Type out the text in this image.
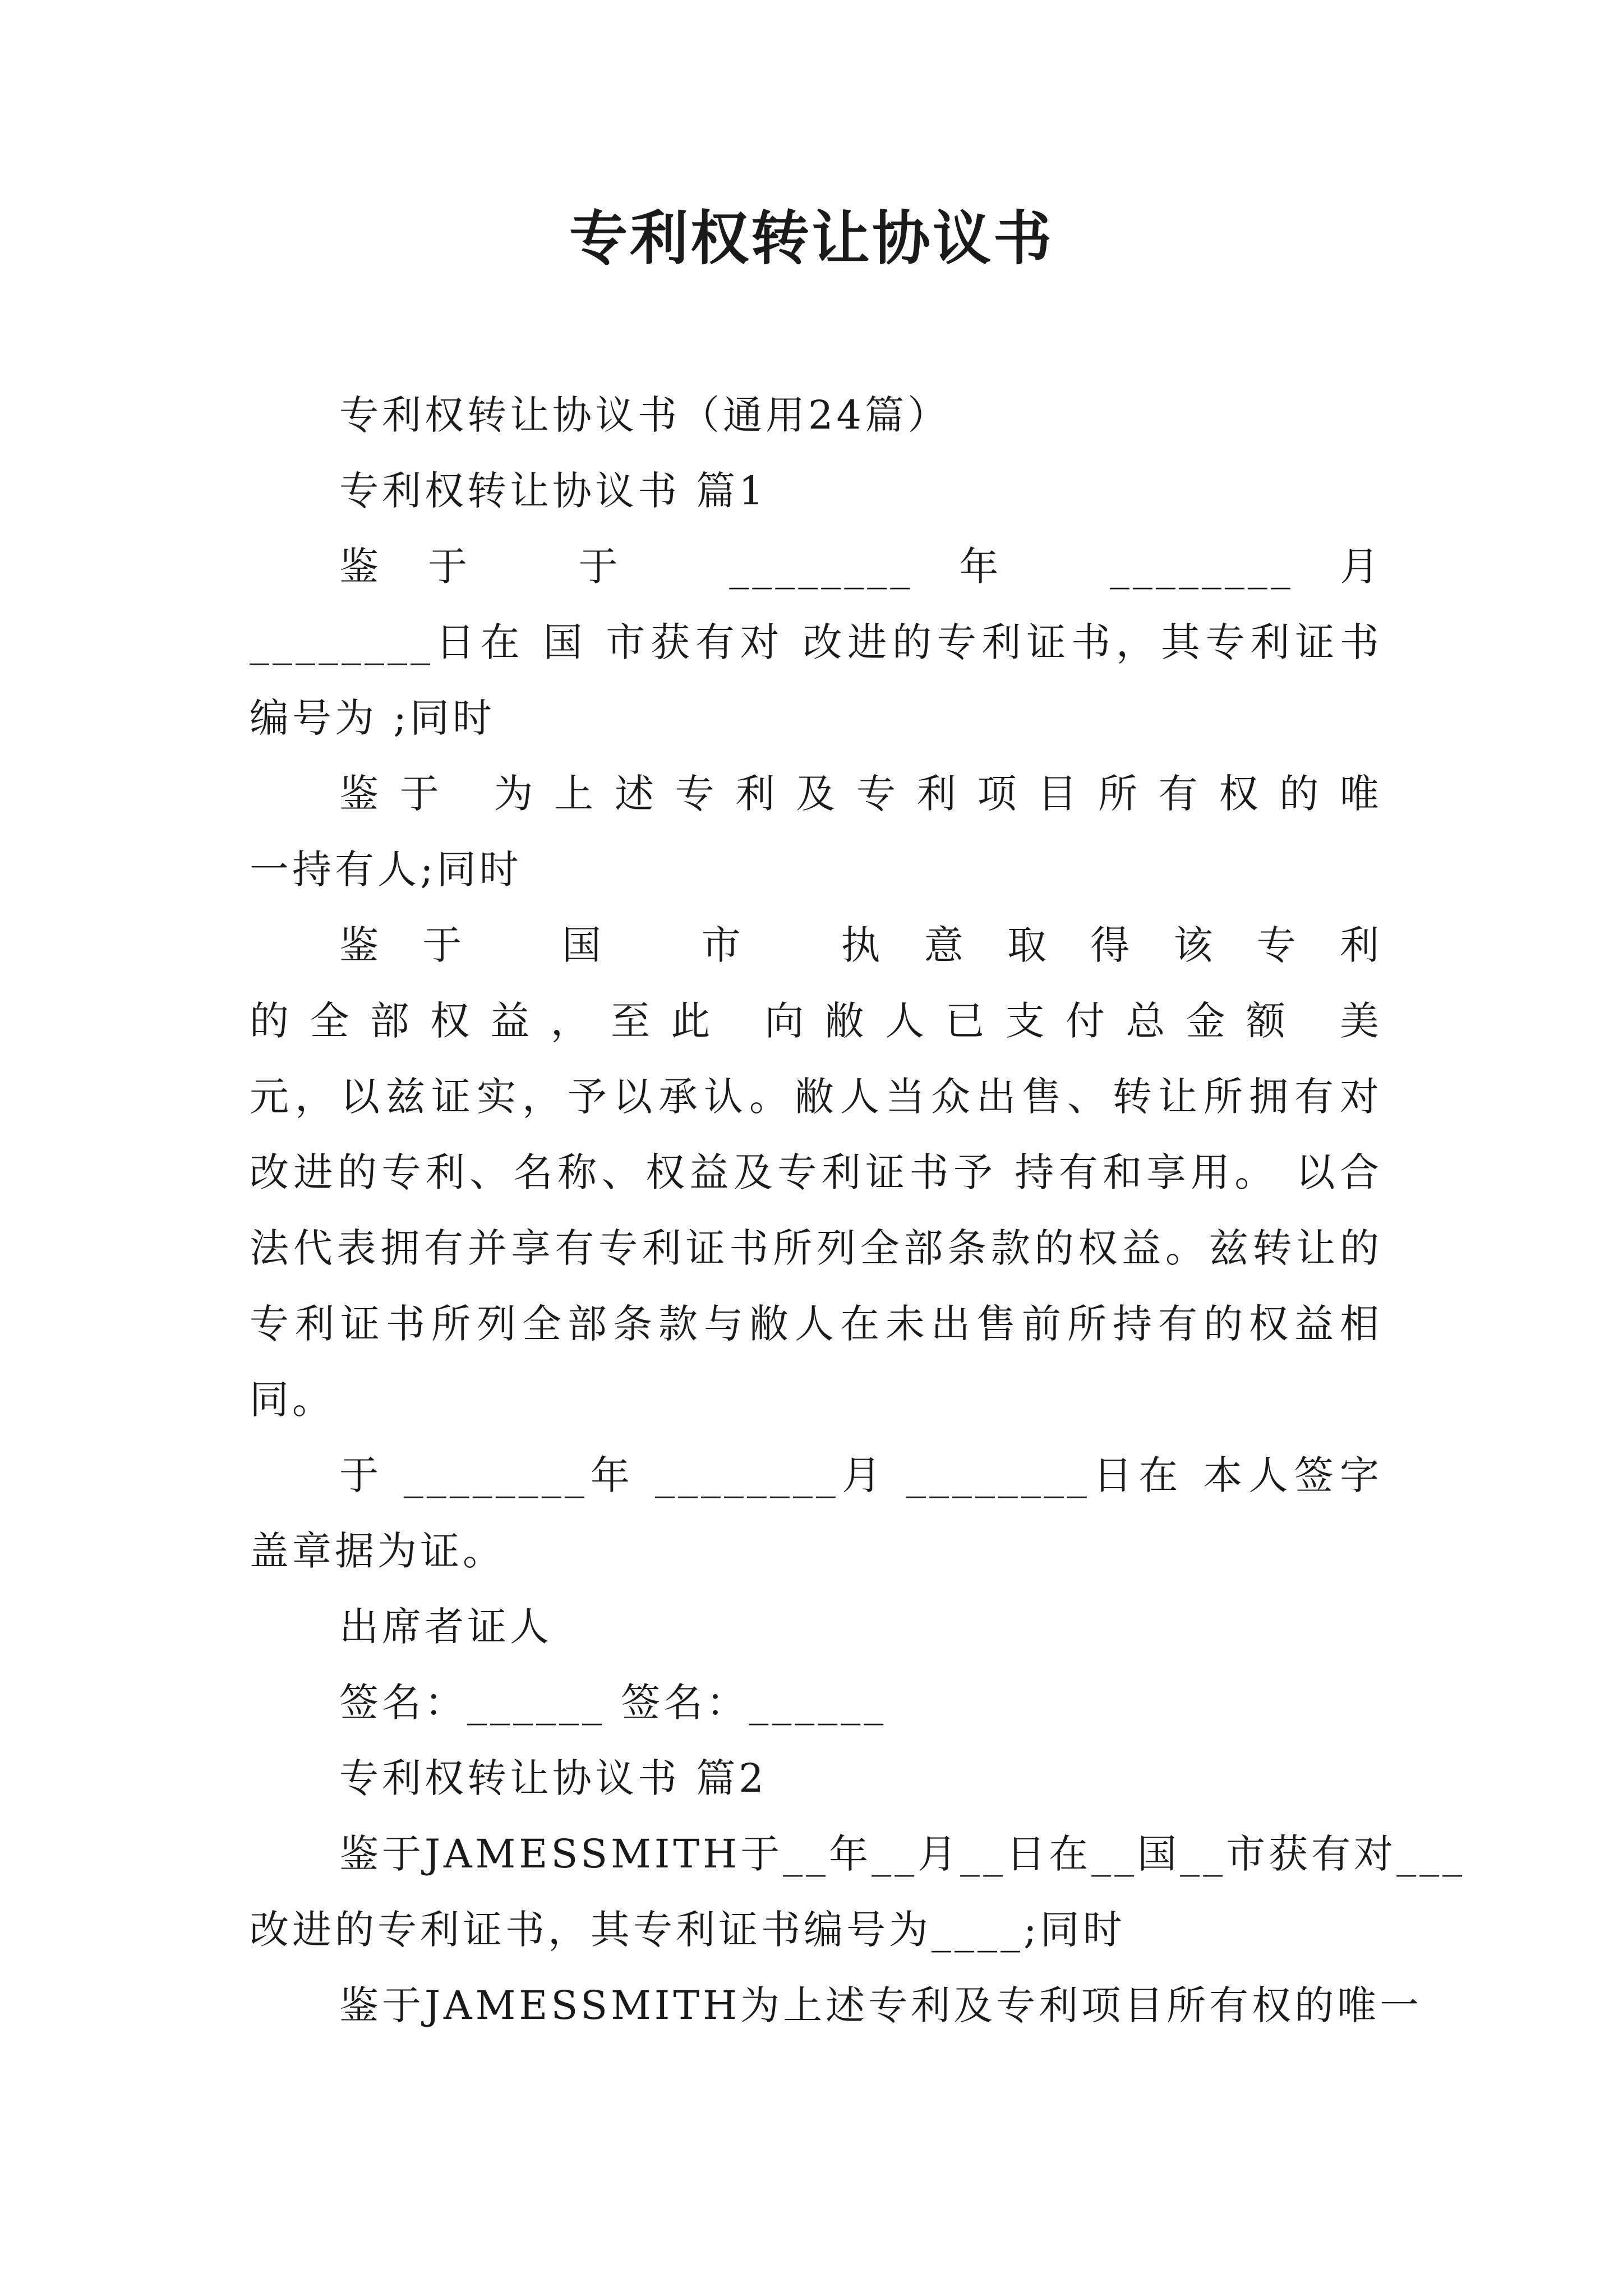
专利权转让协议书

专利权转让协议书（通用24篇）

专利权转让协议书 篇1

鉴于 于 ________年 ________月

________日在 国 市获有对 改进的专利证书，其专利证书

编号为 ;同时

鉴于 为上述专利及专利项目所有权的唯

一持有人;同时

鉴于 国 市 执意取得该专利

的全部权益，至此 向敝人已支付总金额 美

元，以兹证实，予以承认。敝人当众出售、转让所拥有对

改进的专利、名称、权益及专利证书予 持有和享用。 以合

法代表拥有并享有专利证书所列全部条款的权益。兹转让的

专利证书所列全部条款与敝人在未出售前所持有的权益相

同。

于 ________年 ________月 ________日在 本人签字

盖章据为证。

出席者证人

签名：______ 签名：______

专利权转让协议书 篇2

鉴于JAMESSMITH于__年__月__日在__国__市获有对___

改进的专利证书，其专利证书编号为____;同时

鉴于JAMESSMITH为上述专利及专利项目所有权的唯一
